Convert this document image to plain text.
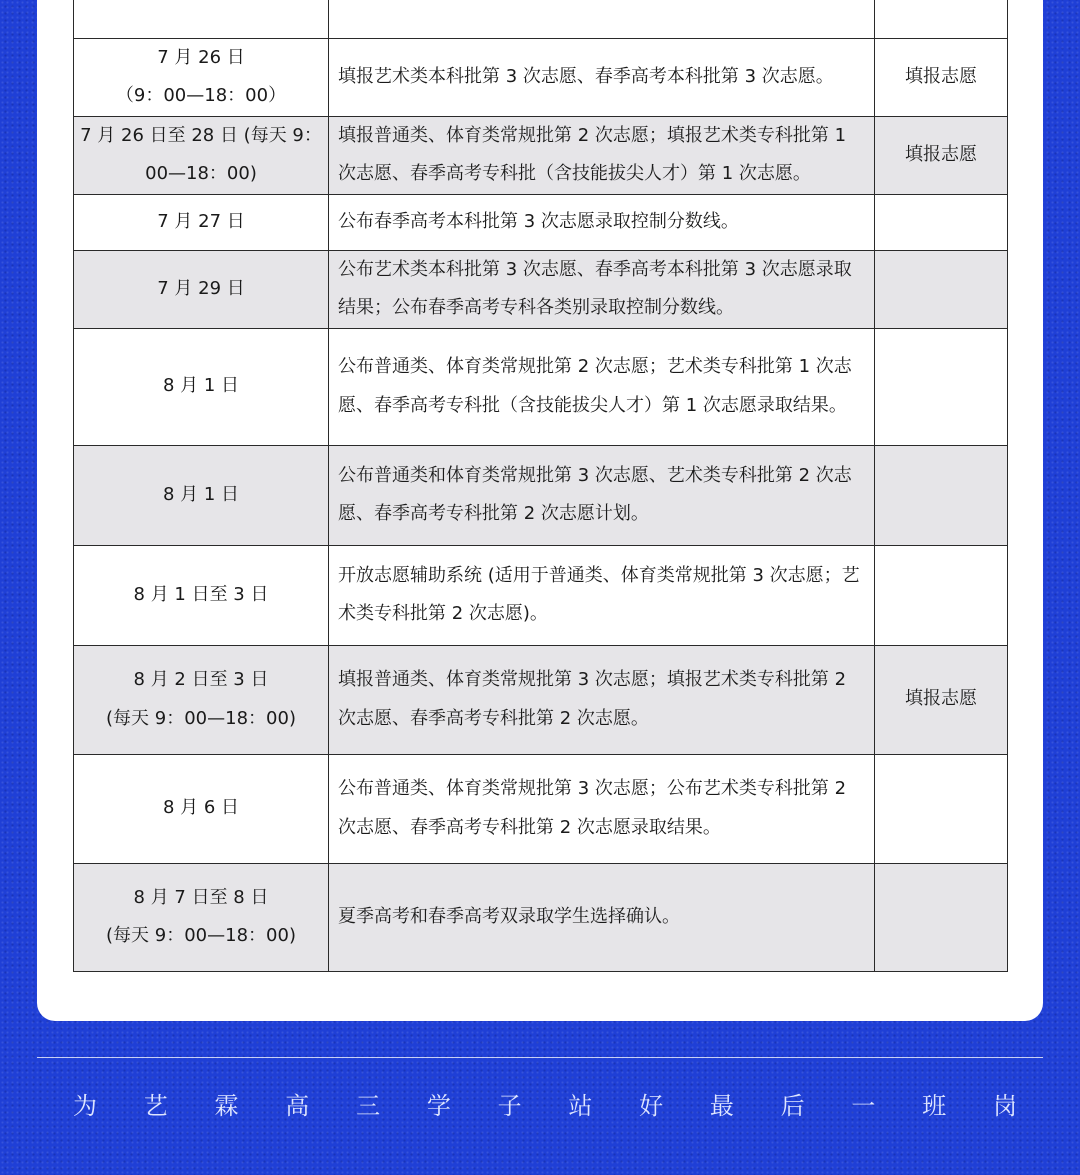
7 月 26 日
（9：00—18：00）	填报艺术类本科批第 3 次志愿、春季高考本科批第 3 次志愿。	填报志愿

7 月 26 日至 28 日 (每天 9：
00—18：00)	填报普通类、体育类常规批第 2 次志愿；填报艺术类专科批第 1 次志愿、春季高考专科批（含技能拔尖人才）第 1 次志愿。	填报志愿

7 月 27 日	公布春季高考本科批第 3 次志愿录取控制分数线。	

7 月 29 日	公布艺术类本科批第 3 次志愿、春季高考本科批第 3 次志愿录取结果；公布春季高考专科各类别录取控制分数线。	

8 月 1 日	公布普通类、体育类常规批第 2 次志愿；艺术类专科批第 1 次志愿、春季高考专科批（含技能拔尖人才）第 1 次志愿录取结果。	

8 月 1 日	公布普通类和体育类常规批第 3 次志愿、艺术类专科批第 2 次志愿、春季高考专科批第 2 次志愿计划。	

8 月 1 日至 3 日	开放志愿辅助系统 (适用于普通类、体育类常规批第 3 次志愿；艺术类专科批第 2 次志愿)。	

8 月 2 日至 3 日
(每天 9：00—18：00)	填报普通类、体育类常规批第 3 次志愿；填报艺术类专科批第 2 次志愿、春季高考专科批第 2 次志愿。	填报志愿

8 月 6 日	公布普通类、体育类常规批第 3 次志愿；公布艺术类专科批第 2 次志愿、春季高考专科批第 2 次志愿录取结果。	

8 月 7 日至 8 日
(每天 9：00—18：00)	夏季高考和春季高考双录取学生选择确认。	
为 艺 霖 高 三 学 子 站 好 最 后 一 班 岗
